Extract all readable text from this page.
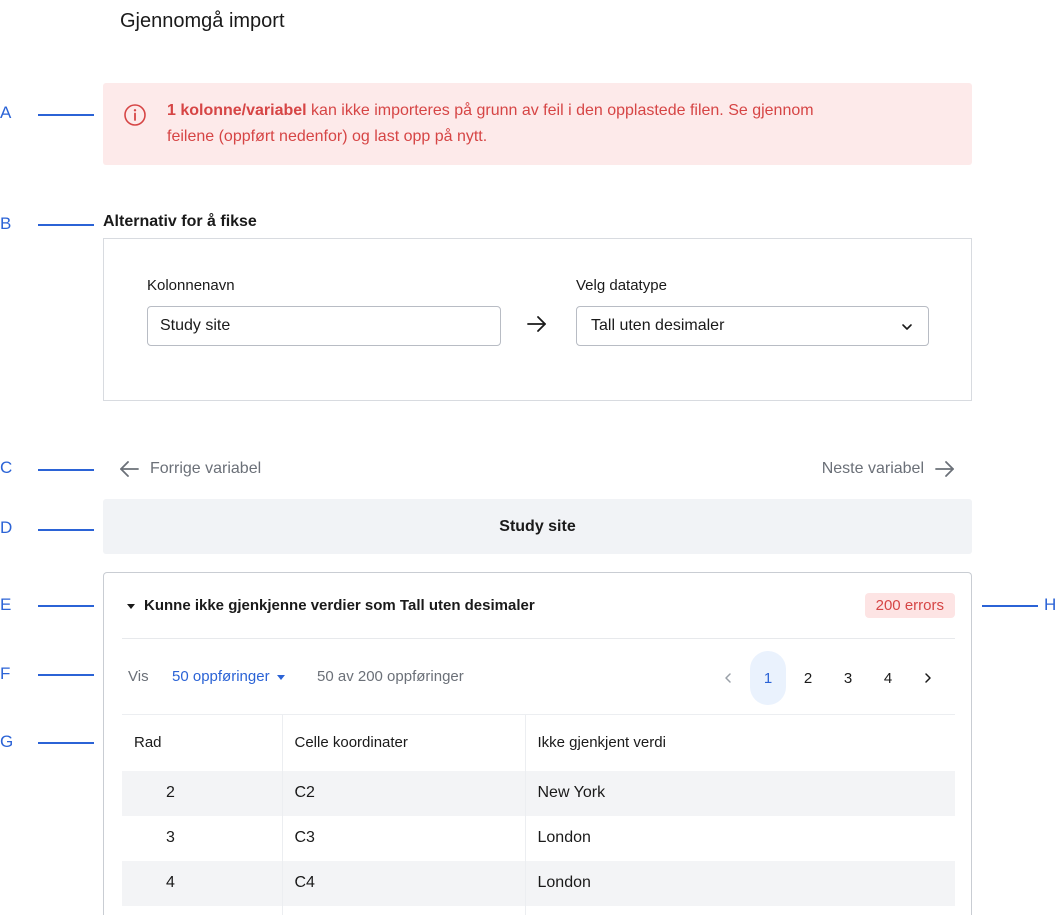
Gjennomgå import
A
B
C
D
E
F
G
H
1 kolonne/variabel kan ikke importeres på grunn av feil i den opplastede filen. Se gjennom
feilene (oppført nedenfor) og last opp på nytt.
Alternativ for å fikse
Kolonnenavn
Study site	Velg datatype
Tall uten desimaler
Forrige variabel	Neste variabel
Study site
Kunne ikke gjenkjenne verdier som Tall uten desimaler	200 errors
Vis 50 oppføringer	50 av 200 oppføringer	1	2	3	4
Rad	Celle koordinater	Ikke gjenkjent verdi
2	C2	New York
3	C3	London
4	C4	London
